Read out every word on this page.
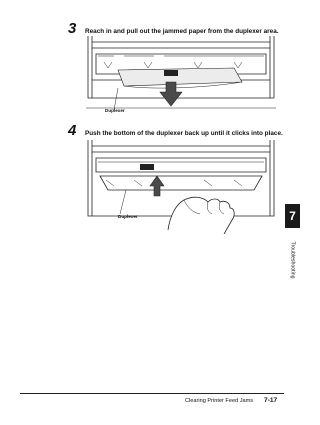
3	Reach in and pull out the jammed paper from the duplexer area.
Duplexer
4	Push the bottom of the duplexer back up until it clicks into place.
Duplexer	7
Troubleshooting
Clearing Printer Feed Jams 7-17
